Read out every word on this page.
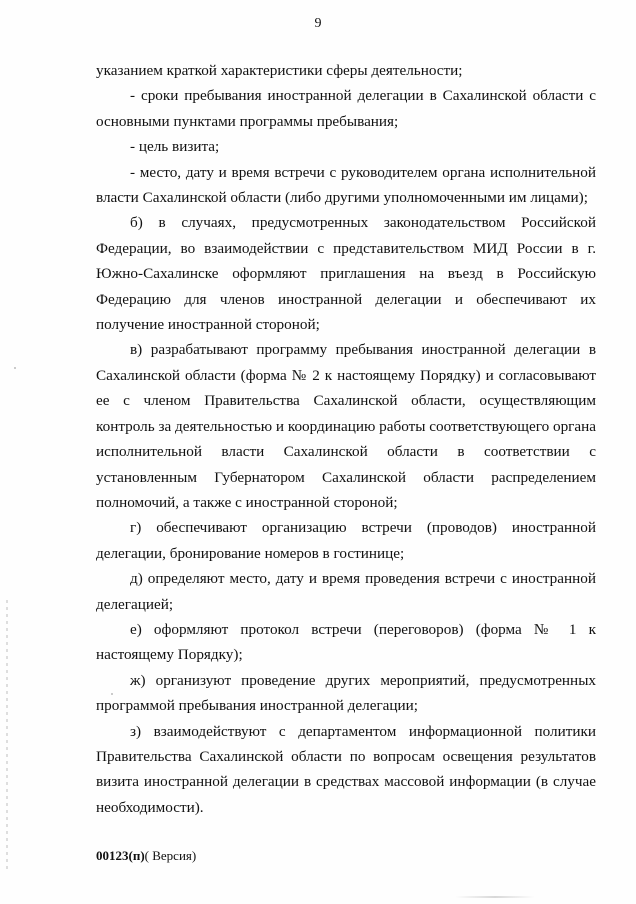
9

указанием краткой характеристики сферы деятельности;

- сроки пребывания иностранной делегации в Сахалинской области с основными пунктами программы пребывания;

- цель визита;

- место, дату и время встречи с руководителем органа исполнительной власти Сахалинской области (либо другими уполномоченными им лицами);

б) в случаях, предусмотренных законодательством Российской Федерации, во взаимодействии с представительством МИД России в г. Южно-Сахалинске оформляют приглашения на въезд в Российскую Федерацию для членов иностранной делегации и обеспечивают их получение иностранной стороной;

в) разрабатывают программу пребывания иностранной делегации в Сахалинской области (форма № 2 к настоящему Порядку) и согласовывают ее с членом Правительства Сахалинской области, осуществляющим контроль за деятельностью и координацию работы соответствующего органа исполнительной власти Сахалинской области в соответствии с установленным Губернатором Сахалинской области распределением полномочий, а также с иностранной стороной;

г) обеспечивают организацию встречи (проводов) иностранной делегации, бронирование номеров в гостинице;

д) определяют место, дату и время проведения встречи с иностранной делегацией;

е) оформляют протокол встречи (переговоров) (форма № 1 к настоящему Порядку);

ж) организуют проведение других мероприятий, предусмотренных программой пребывания иностранной делегации;

з) взаимодействуют с департаментом информационной политики Правительства Сахалинской области по вопросам освещения результатов визита иностранной делегации в средствах массовой информации (в случае необходимости).

00123(п)( Версия)
